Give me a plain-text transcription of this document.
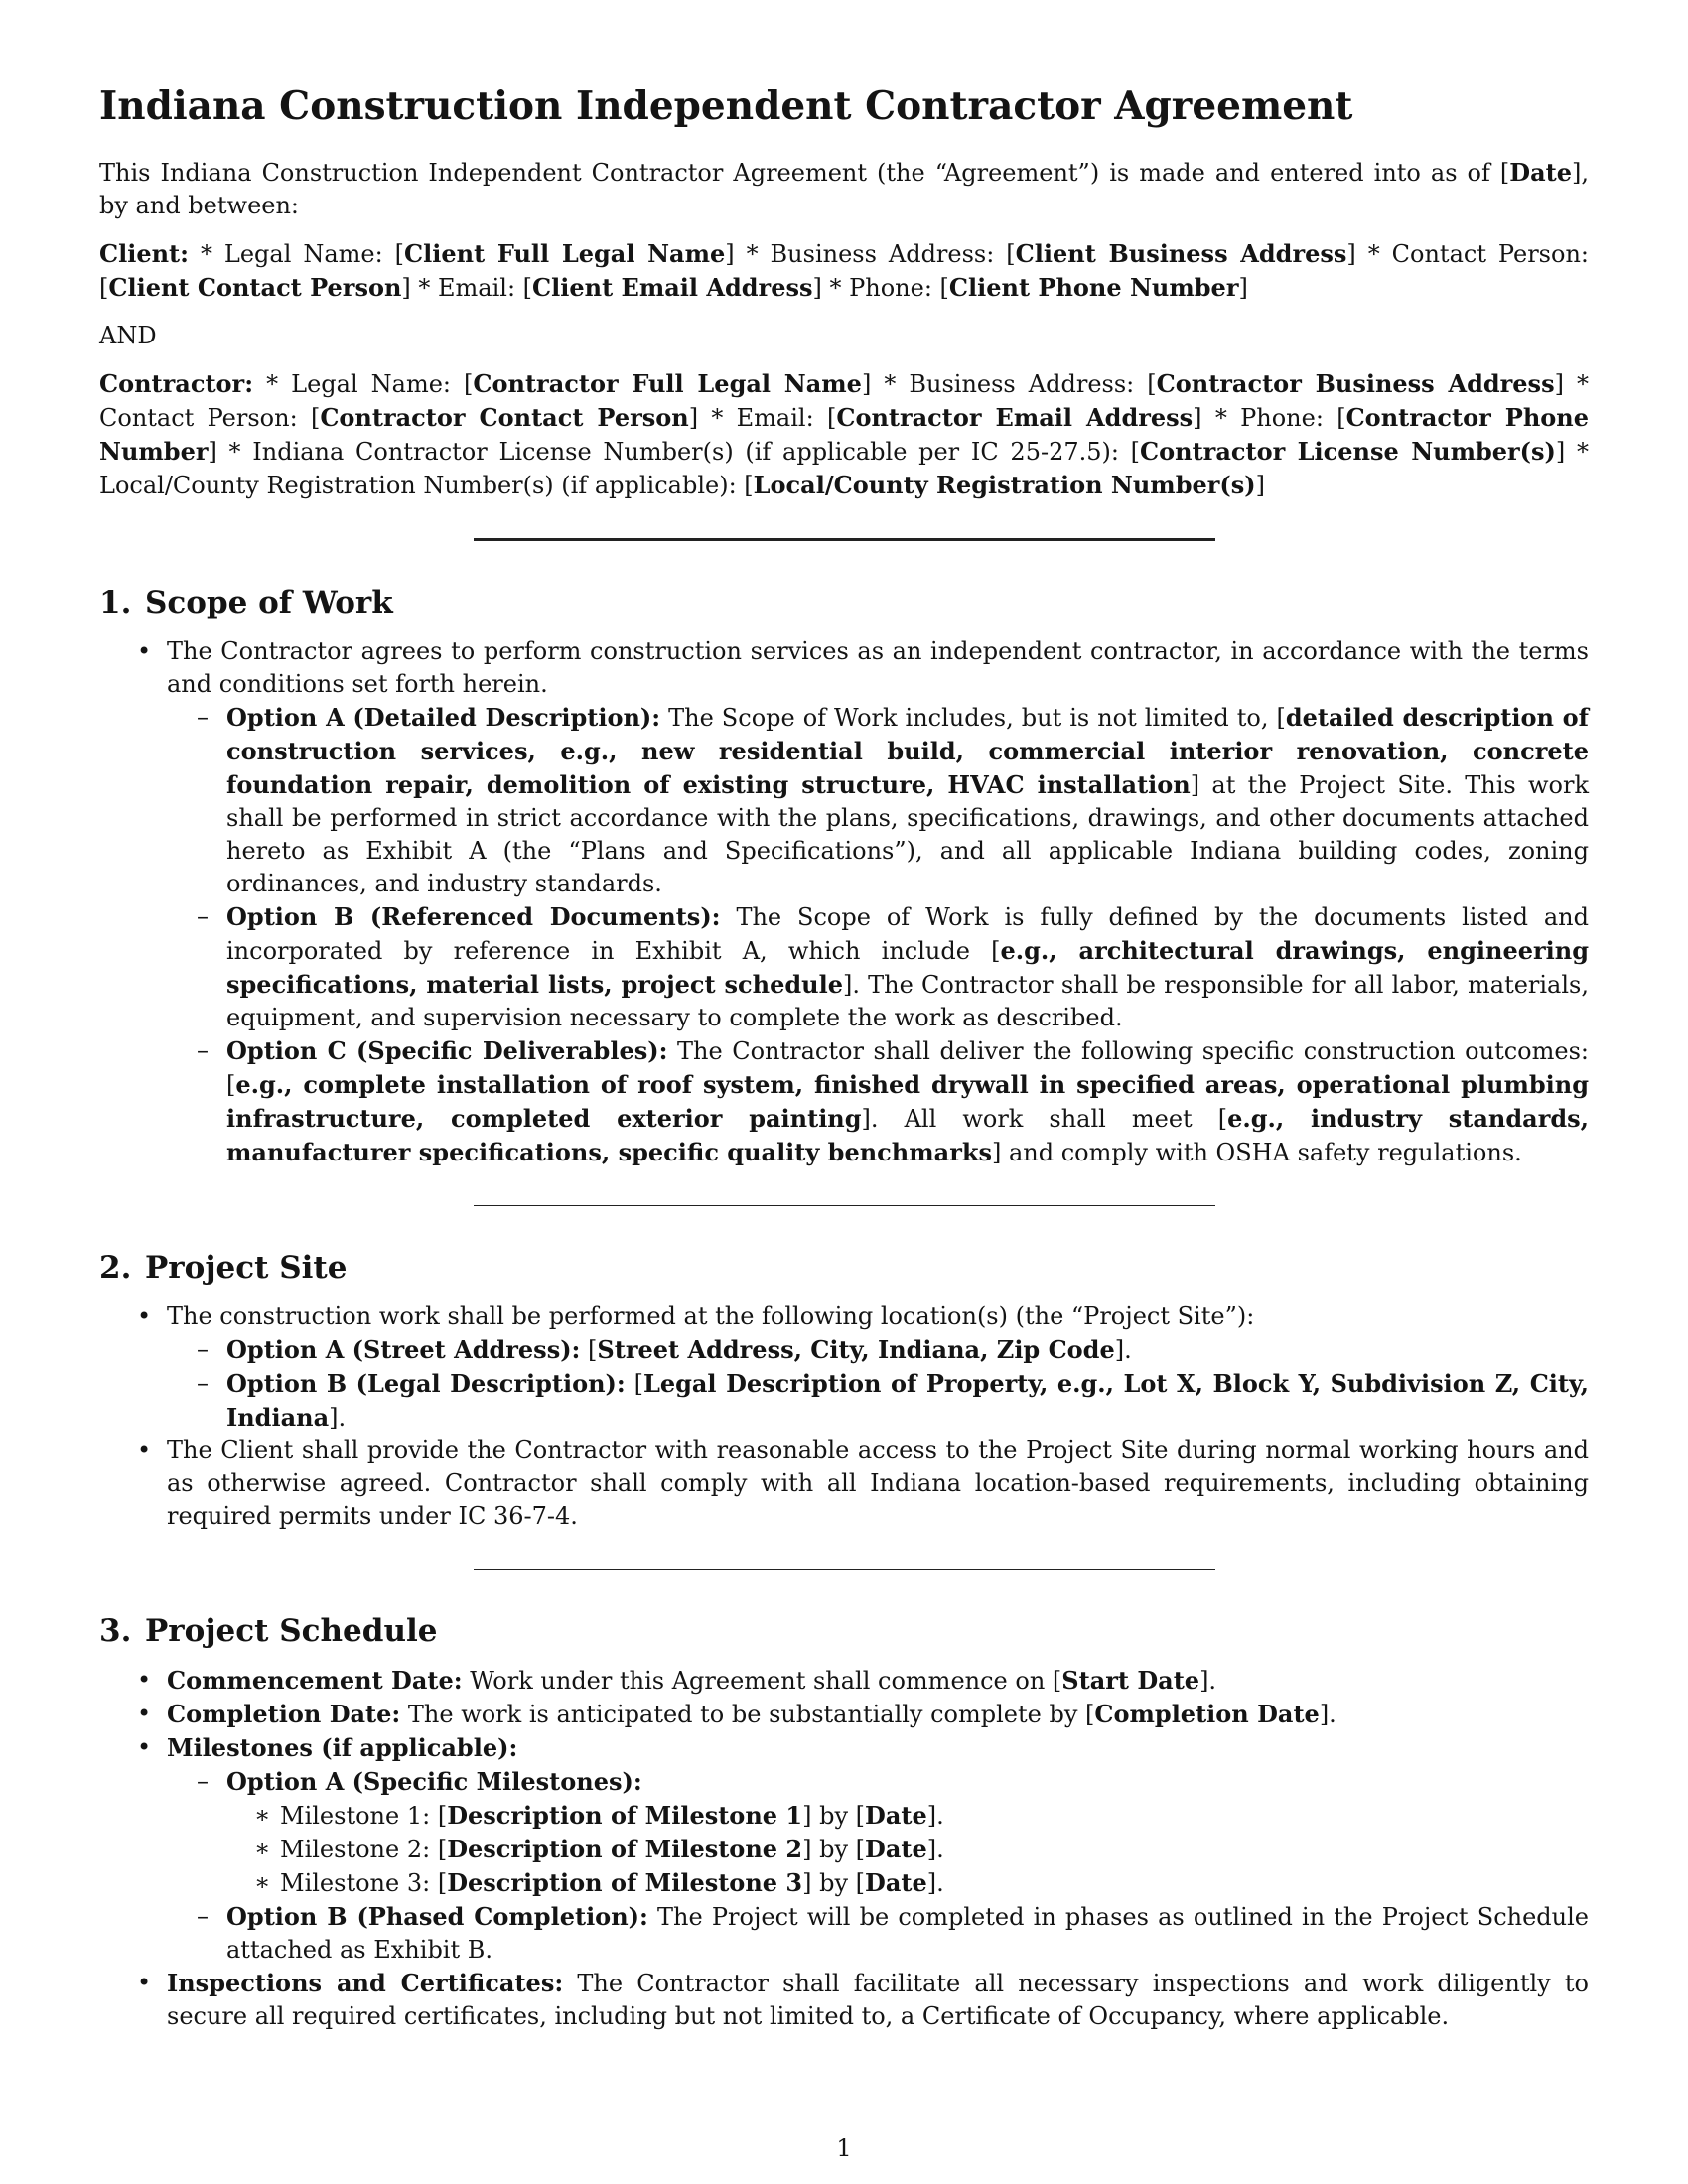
Indiana Construction Independent Contractor Agreement

This Indiana Construction Independent Contractor Agreement (the “Agreement”) is made and entered into as of [Date], by and between:

Client: * Legal Name: [Client Full Legal Name] * Business Address: [Client Business Address] * Contact Person: [Client Contact Person] * Email: [Client Email Address] * Phone: [Client Phone Number]

AND

Contractor: * Legal Name: [Contractor Full Legal Name] * Business Address: [Contractor Business Address] * Contact Person: [Contractor Contact Person] * Email: [Contractor Email Address] * Phone: [Contractor Phone Number] * Indiana Contractor License Number(s) (if applicable per IC 25-27.5): [Contractor License Number(s)] * Local/County Registration Number(s) (if applicable): [Local/County Registration Number(s)]

1. Scope of Work
• The Contractor agrees to perform construction services as an independent contractor, in accordance with the terms and conditions set forth herein.
– Option A (Detailed Description): The Scope of Work includes, but is not limited to, [detailed description of construction services, e.g., new residential build, commercial interior renovation, concrete foundation repair, demolition of existing structure, HVAC installation] at the Project Site. This work shall be performed in strict accordance with the plans, specifications, drawings, and other documents attached hereto as Exhibit A (the “Plans and Specifications”), and all applicable Indiana building codes, zoning ordinances, and industry standards.
– Option B (Referenced Documents): The Scope of Work is fully defined by the documents listed and incorporated by reference in Exhibit A, which include [e.g., architectural drawings, engineering specifications, material lists, project schedule]. The Contractor shall be responsible for all labor, materials, equipment, and supervision necessary to complete the work as described.
– Option C (Specific Deliverables): The Contractor shall deliver the following specific construction outcomes: [e.g., complete installation of roof system, finished drywall in specified areas, operational plumbing infrastructure, completed exterior painting]. All work shall meet [e.g., industry standards, manufacturer specifications, specific quality benchmarks] and comply with OSHA safety regulations.
2. Project Site
• The construction work shall be performed at the following location(s) (the “Project Site”):
– Option A (Street Address): [Street Address, City, Indiana, Zip Code].
– Option B (Legal Description): [Legal Description of Property, e.g., Lot X, Block Y, Subdivision Z, City, Indiana].
• The Client shall provide the Contractor with reasonable access to the Project Site during normal working hours and as otherwise agreed. Contractor shall comply with all Indiana location-based requirements, including obtaining required permits under IC 36-7-4.
3. Project Schedule
• Commencement Date: Work under this Agreement shall commence on [Start Date].
• Completion Date: The work is anticipated to be substantially complete by [Completion Date].
• Milestones (if applicable):
– Option A (Specific Milestones):
∗ Milestone 1: [Description of Milestone 1] by [Date].
∗ Milestone 2: [Description of Milestone 2] by [Date].
∗ Milestone 3: [Description of Milestone 3] by [Date].
– Option B (Phased Completion): The Project will be completed in phases as outlined in the Project Schedule attached as Exhibit B.
• Inspections and Certificates: The Contractor shall facilitate all necessary inspections and work diligently to secure all required certificates, including but not limited to, a Certificate of Occupancy, where applicable.
1
